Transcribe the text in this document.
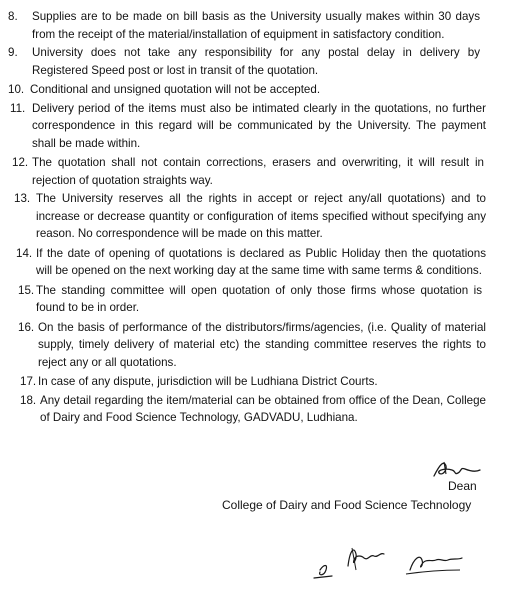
8. Supplies are to be made on bill basis as the University usually makes within 30 days from the receipt of the material/installation of equipment in satisfactory condition.
9. University does not take any responsibility for any postal delay in delivery by Registered Speed post or lost in transit of the quotation.
10. Conditional and unsigned quotation will not be accepted.
11. Delivery period of the items must also be intimated clearly in the quotations, no further correspondence in this regard will be communicated by the University. The payment shall be made within.
12. The quotation shall not contain corrections, erasers and overwriting, it will result in rejection of quotation straights way.
13. The University reserves all the rights in accept or reject any/all quotations) and to increase or decrease quantity or configuration of items specified without specifying any reason. No correspondence will be made on this matter.
14. If the date of opening of quotations is declared as Public Holiday then the quotations will be opened on the next working day at the same time with same terms & conditions.
15. The standing committee will open quotation of only those firms whose quotation is found to be in order.
16. On the basis of performance of the distributors/firms/agencies, (i.e. Quality of material supply, timely delivery of material etc) the standing committee reserves the rights to reject any or all quotations.
17. In case of any dispute, jurisdiction will be Ludhiana District Courts.
18. Any detail regarding the item/material can be obtained from office of the Dean, College of Dairy and Food Science Technology, GADVADU, Ludhiana.
Dean
College of Dairy and Food Science Technology
